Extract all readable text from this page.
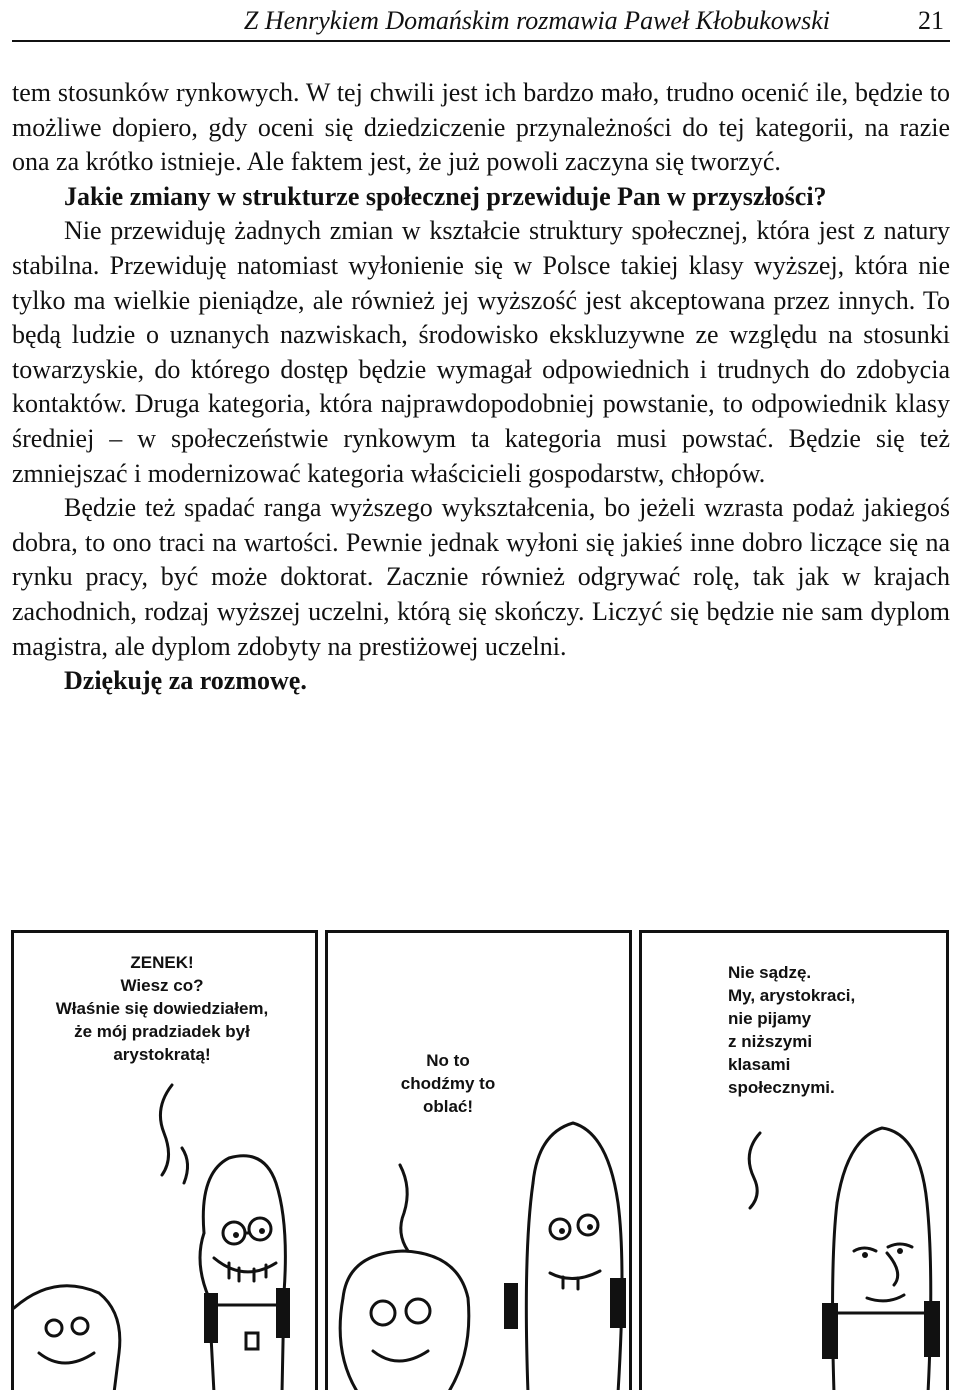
Z Henrykiem Domańskim rozmawia Paweł Kłobukowski	21

tem stosunków rynkowych. W tej chwili jest ich bardzo mało, trudno ocenić ile, będzie to możliwe dopiero, gdy oceni się dziedziczenie przynależności do tej kategorii, na razie ona za krótko istnieje. Ale faktem jest, że już powoli zaczyna się tworzyć.

Jakie zmiany w strukturze społecznej przewiduje Pan w przyszłości?

Nie przewiduję żadnych zmian w kształcie struktury społecznej, która jest z natury stabilna. Przewiduję natomiast wyłonienie się w Polsce takiej klasy wyższej, która nie tylko ma wielkie pieniądze, ale również jej wyższość jest akceptowana przez innych. To będą ludzie o uznanych nazwiskach, środowisko ekskluzywne ze względu na stosunki towarzyskie, do którego dostęp będzie wymagał odpowiednich i trudnych do zdobycia kontaktów. Druga kategoria, która najprawdopodobniej powstanie, to odpowiednik klasy średniej – w społeczeństwie rynkowym ta kategoria musi powstać. Będzie się też zmniejszać i modernizować kategoria właścicieli gospodarstw, chłopów.

Będzie też spadać ranga wyższego wykształcenia, bo jeżeli wzrasta podaż jakiegoś dobra, to ono traci na wartości. Pewnie jednak wyłoni się jakieś inne dobro liczące się na rynku pracy, być może doktorat. Zacznie również odgrywać rolę, tak jak w krajach zachodnich, rodzaj wyższej uczelni, którą się skończy. Liczyć się będzie nie sam dyplom magistra, ale dyplom zdobyty na prestiżowej uczelni.

Dziękuję za rozmowę.

ZENEK!
Wiesz co?
Właśnie się dowiedziałem,
że mój pradziadek był
arystokratą!	No to
chodźmy to
oblać!
Nie sądzę.
My, arystokraci,
nie pijamy
z niższymi
klasami
społecznymi.
